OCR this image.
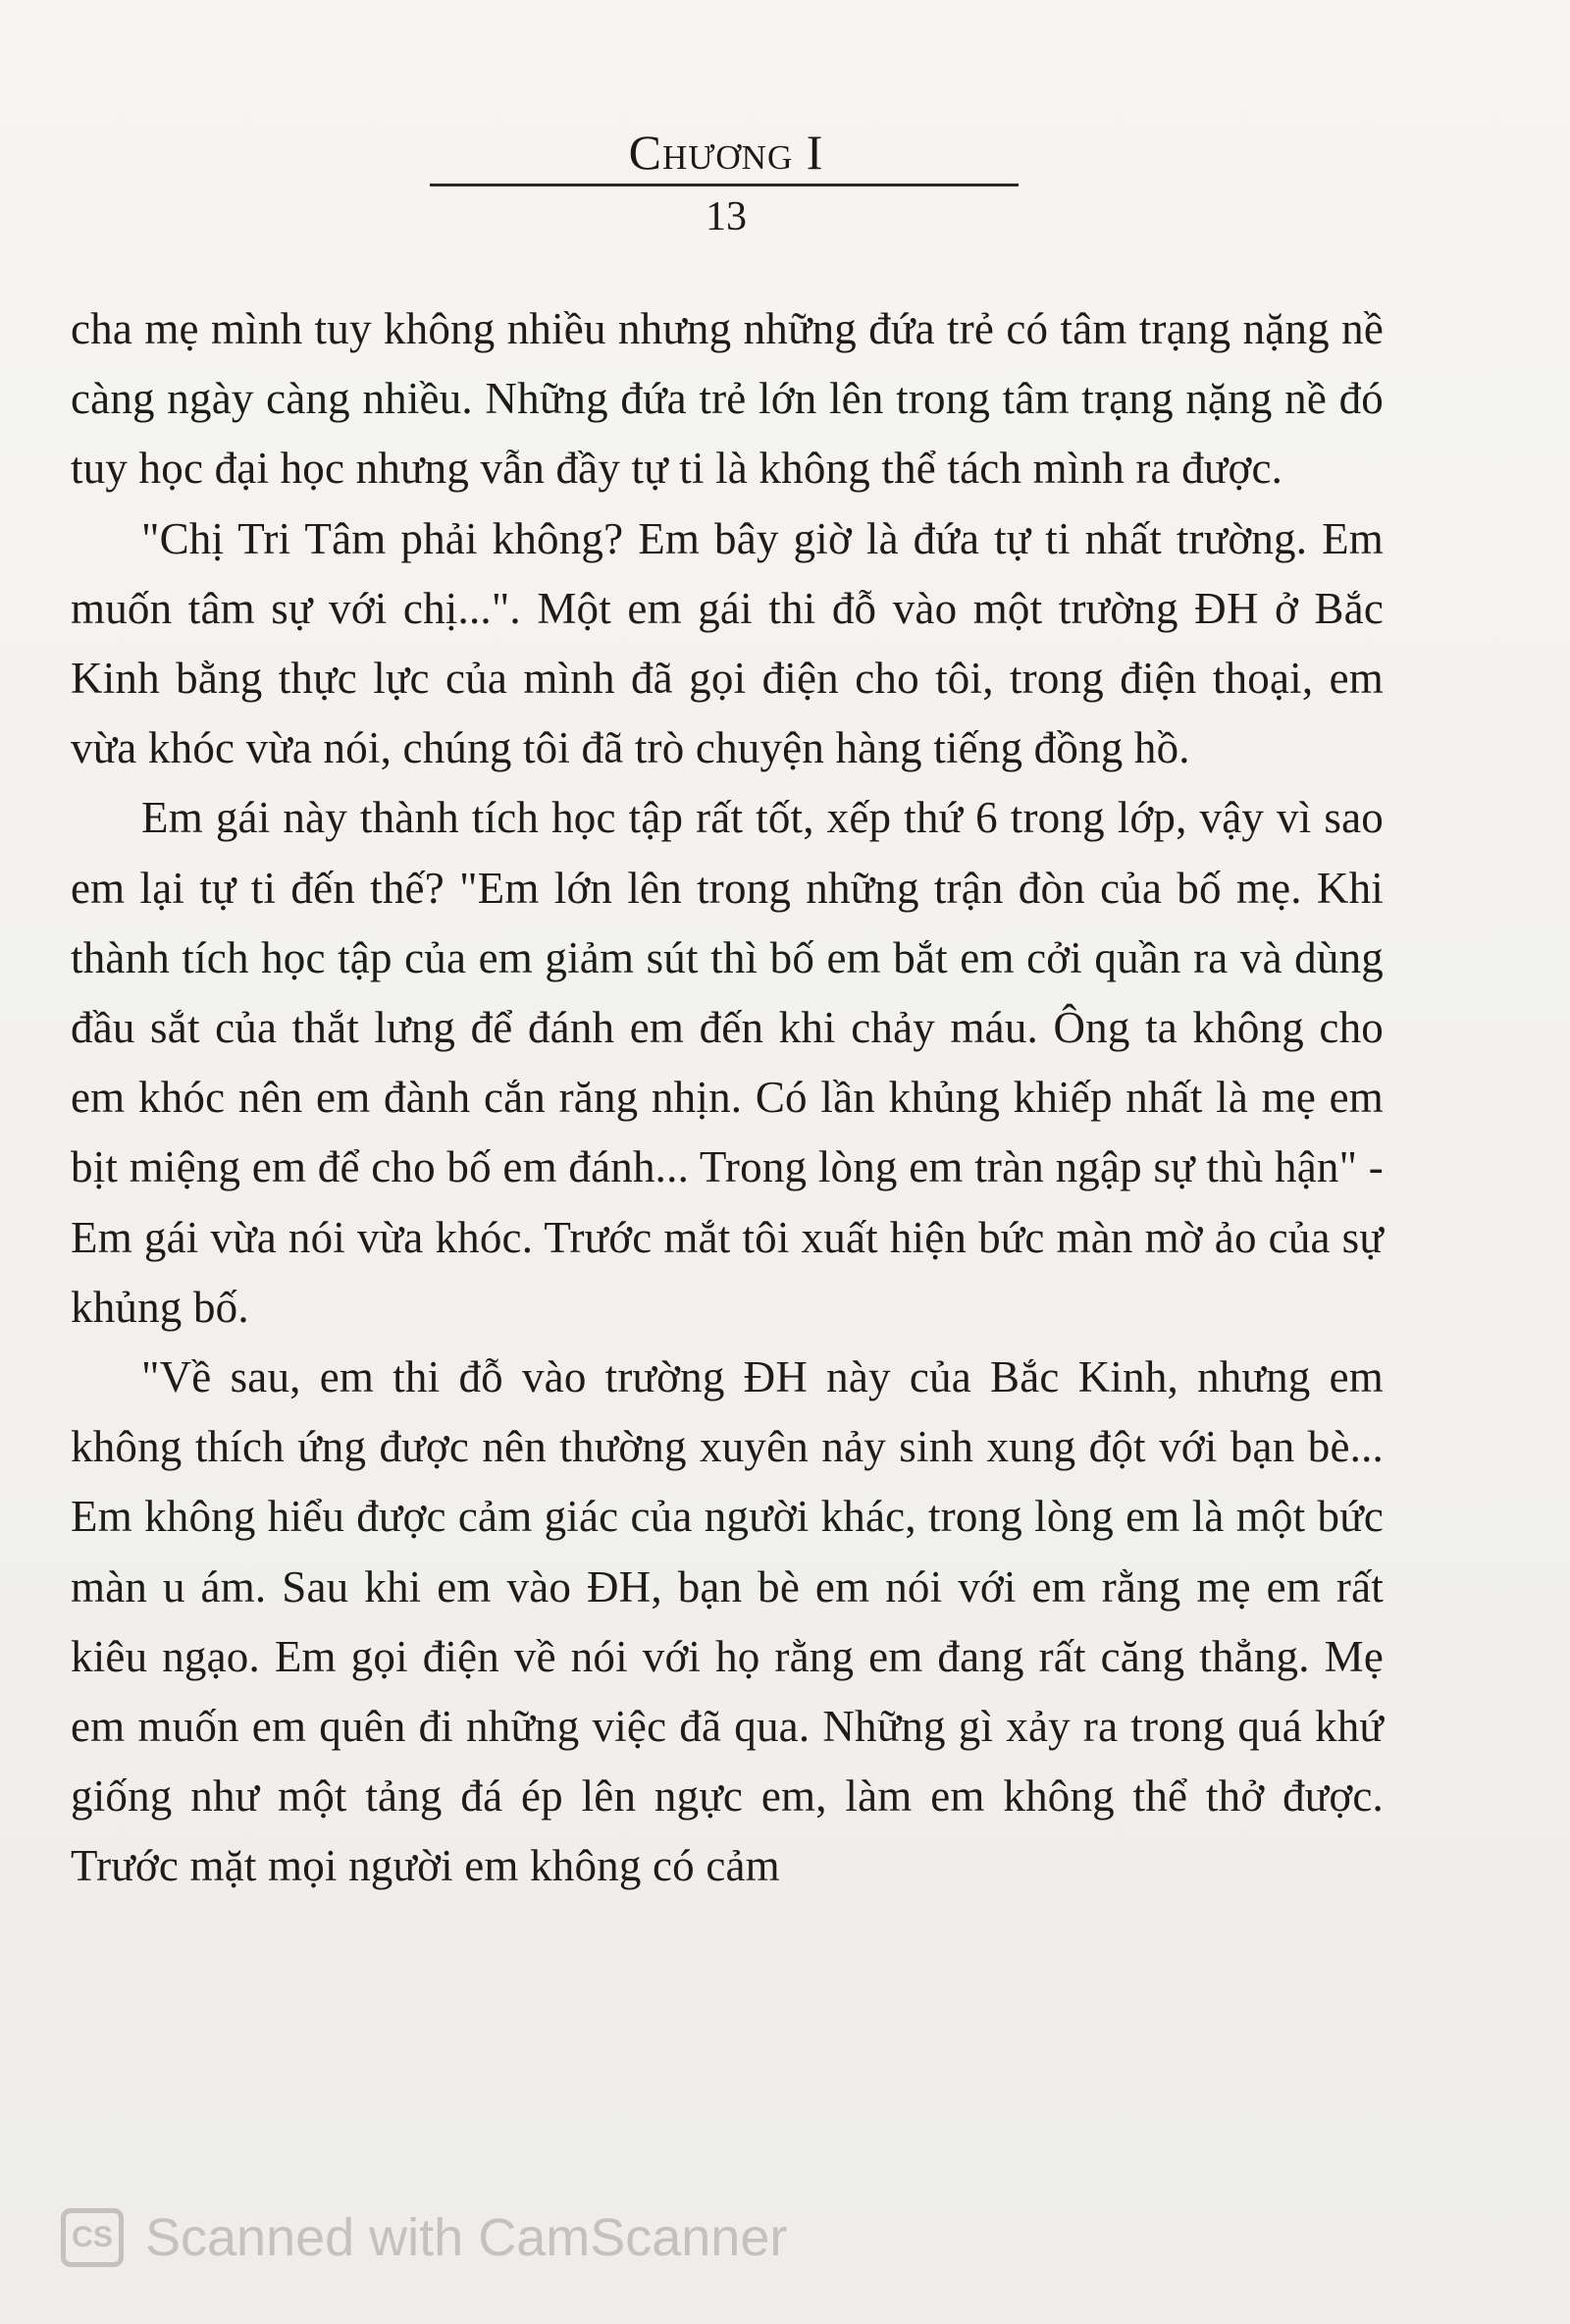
Chương I
13

cha mẹ mình tuy không nhiều nhưng những đứa trẻ có tâm trạng nặng nề càng ngày càng nhiều. Những đứa trẻ lớn lên trong tâm trạng nặng nề đó tuy học đại học nhưng vẫn đầy tự ti là không thể tách mình ra được.

"Chị Tri Tâm phải không? Em bây giờ là đứa tự ti nhất trường. Em muốn tâm sự với chị...". Một em gái thi đỗ vào một trường ĐH ở Bắc Kinh bằng thực lực của mình đã gọi điện cho tôi, trong điện thoại, em vừa khóc vừa nói, chúng tôi đã trò chuyện hàng tiếng đồng hồ.

Em gái này thành tích học tập rất tốt, xếp thứ 6 trong lớp, vậy vì sao em lại tự ti đến thế? "Em lớn lên trong những trận đòn của bố mẹ. Khi thành tích học tập của em giảm sút thì bố em bắt em cởi quần ra và dùng đầu sắt của thắt lưng để đánh em đến khi chảy máu. Ông ta không cho em khóc nên em đành cắn răng nhịn. Có lần khủng khiếp nhất là mẹ em bịt miệng em để cho bố em đánh... Trong lòng em tràn ngập sự thù hận" - Em gái vừa nói vừa khóc. Trước mắt tôi xuất hiện bức màn mờ ảo của sự khủng bố.

"Về sau, em thi đỗ vào trường ĐH này của Bắc Kinh, nhưng em không thích ứng được nên thường xuyên nảy sinh xung đột với bạn bè... Em không hiểu được cảm giác của người khác, trong lòng em là một bức màn u ám. Sau khi em vào ĐH, bạn bè em nói với em rằng mẹ em rất kiêu ngạo. Em gọi điện về nói với họ rằng em đang rất căng thẳng. Mẹ em muốn em quên đi những việc đã qua. Những gì xảy ra trong quá khứ giống như một tảng đá ép lên ngực em, làm em không thể thở được. Trước mặt mọi người em không có cảm

CS Scanned with CamScanner
